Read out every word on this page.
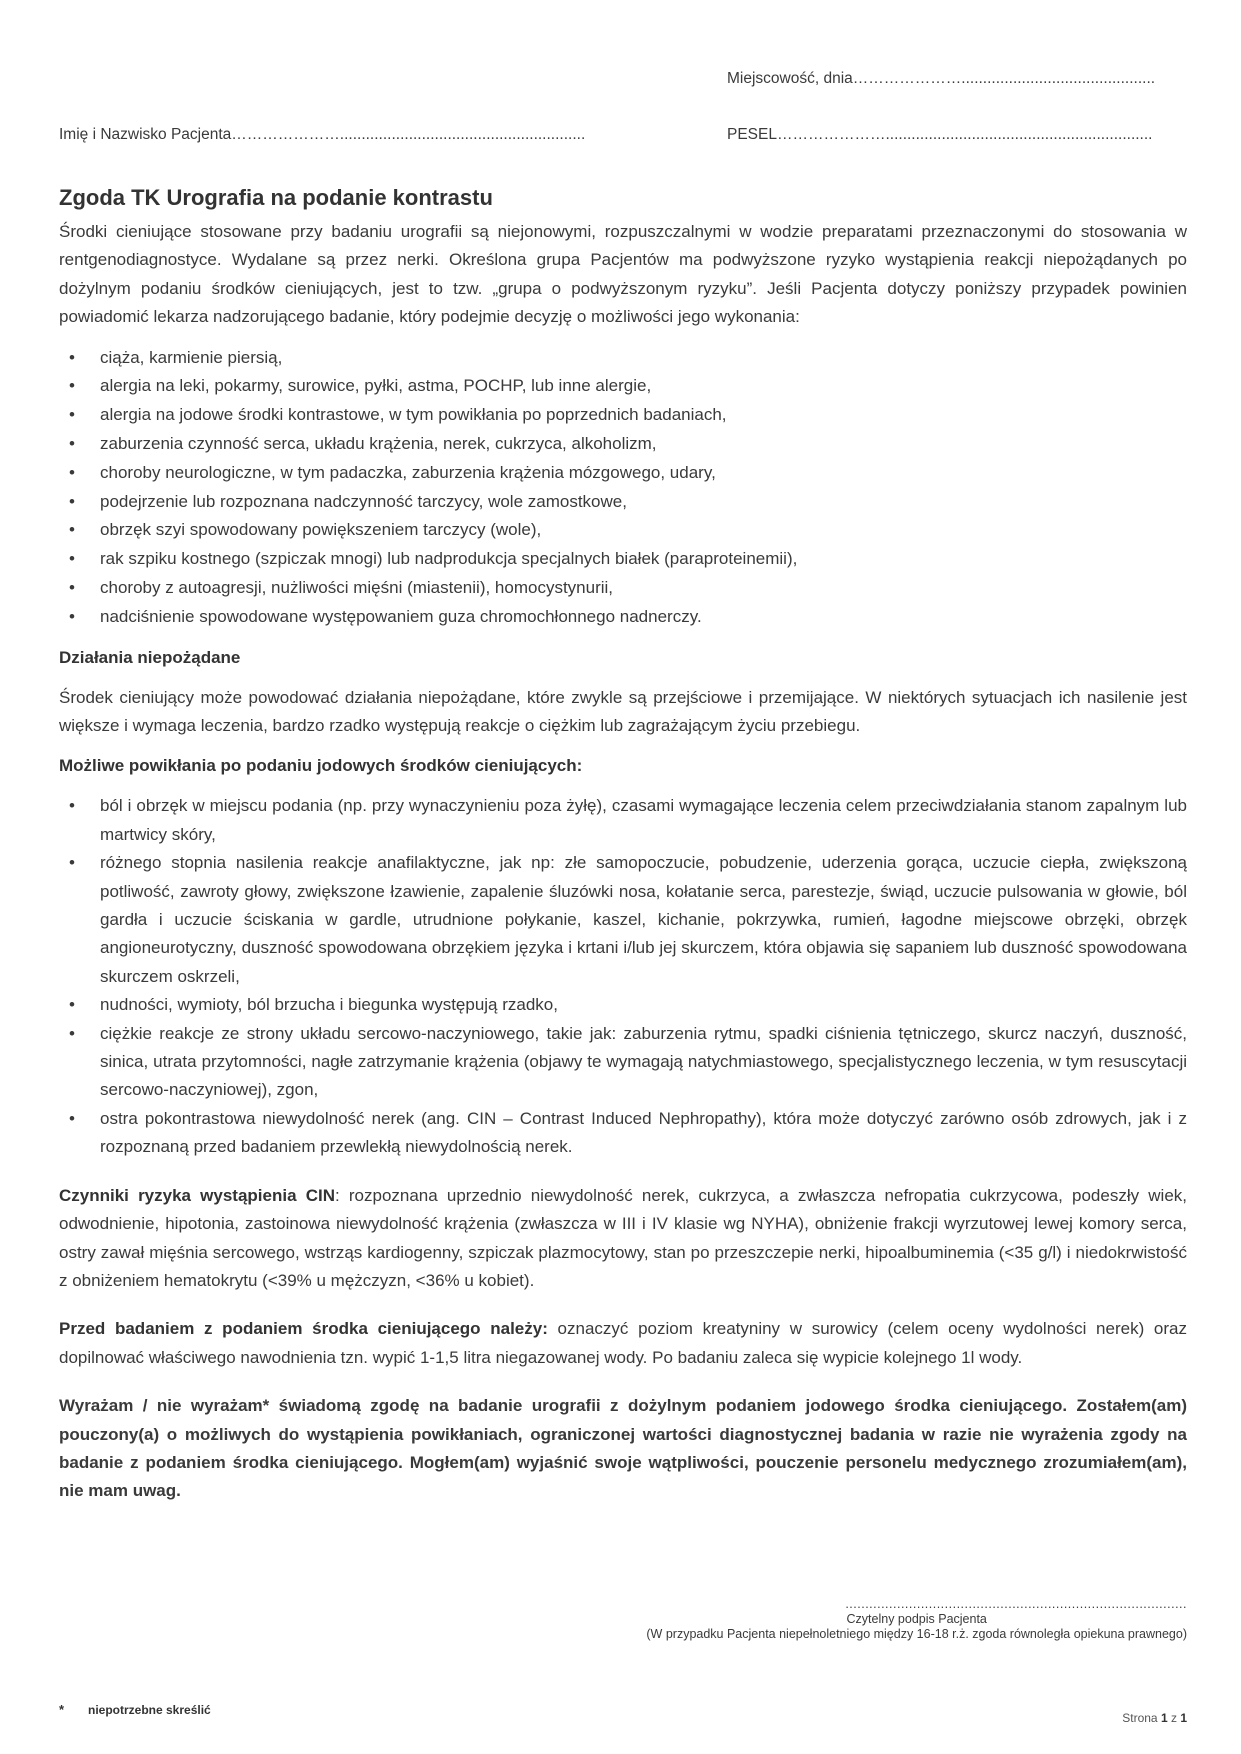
Miejscowość, dnia………………….............................................
Imię i Nazwisko Pacjenta………………….........................................................	PESEL…………………..............................................................
Zgoda TK Urografia na podanie kontrastu

Środki cieniujące stosowane przy badaniu urografii są niejonowymi, rozpuszczalnymi w wodzie preparatami przeznaczonymi do stosowania w rentgenodiagnostyce. Wydalane są przez nerki. Określona grupa Pacjentów ma podwyższone ryzyko wystąpienia reakcji niepożądanych po dożylnym podaniu środków cieniujących, jest to tzw. „grupa o podwyższonym ryzyku”. Jeśli Pacjenta dotyczy poniższy przypadek powinien powiadomić lekarza nadzorującego badanie, który podejmie decyzję o możliwości jego wykonania:

• ciąża, karmienie piersią,
• alergia na leki, pokarmy, surowice, pyłki, astma, POCHP, lub inne alergie,
• alergia na jodowe środki kontrastowe, w tym powikłania po poprzednich badaniach,
• zaburzenia czynność serca, układu krążenia, nerek, cukrzyca, alkoholizm,
• choroby neurologiczne, w tym padaczka, zaburzenia krążenia mózgowego, udary,
• podejrzenie lub rozpoznana nadczynność tarczycy, wole zamostkowe,
• obrzęk szyi spowodowany powiększeniem tarczycy (wole),
• rak szpiku kostnego (szpiczak mnogi) lub nadprodukcja specjalnych białek (paraproteinemii),
• choroby z autoagresji, nużliwości mięśni (miastenii), homocystynurii,
• nadciśnienie spowodowane występowaniem guza chromochłonnego nadnerczy.
Działania niepożądane

Środek cieniujący może powodować działania niepożądane, które zwykle są przejściowe i przemijające. W niektórych sytuacjach ich nasilenie jest większe i wymaga leczenia, bardzo rzadko występują reakcje o ciężkim lub zagrażającym życiu przebiegu.

Możliwe powikłania po podaniu jodowych środków cieniujących:
• ból i obrzęk w miejscu podania (np. przy wynaczynieniu poza żyłę), czasami wymagające leczenia celem przeciwdziałania stanom zapalnym lub martwicy skóry,
• różnego stopnia nasilenia reakcje anafilaktyczne, jak np: złe samopoczucie, pobudzenie, uderzenia gorąca, uczucie ciepła, zwiększoną potliwość, zawroty głowy, zwiększone łzawienie, zapalenie śluzówki nosa, kołatanie serca, parestezje, świąd, uczucie pulsowania w głowie, ból gardła i uczucie ściskania w gardle, utrudnione połykanie, kaszel, kichanie, pokrzywka, rumień, łagodne miejscowe obrzęki, obrzęk angioneurotyczny, duszność spowodowana obrzękiem języka i krtani i/lub jej skurczem, która objawia się sapaniem lub duszność spowodowana skurczem oskrzeli,
• nudności, wymioty, ból brzucha i biegunka występują rzadko,
• ciężkie reakcje ze strony układu sercowo-naczyniowego, takie jak: zaburzenia rytmu, spadki ciśnienia tętniczego, skurcz naczyń, duszność, sinica, utrata przytomności, nagłe zatrzymanie krążenia (objawy te wymagają natychmiastowego, specjalistycznego leczenia, w tym resuscytacji sercowo-naczyniowej), zgon,
• ostra pokontrastowa niewydolność nerek (ang. CIN – Contrast Induced Nephropathy), która może dotyczyć zarówno osób zdrowych, jak i z rozpoznaną przed badaniem przewlekłą niewydolnością nerek.

Czynniki ryzyka wystąpienia CIN: rozpoznana uprzednio niewydolność nerek, cukrzyca, a zwłaszcza nefropatia cukrzycowa, podeszły wiek, odwodnienie, hipotonia, zastoinowa niewydolność krążenia (zwłaszcza w III i IV klasie wg NYHA), obniżenie frakcji wyrzutowej lewej komory serca, ostry zawał mięśnia sercowego, wstrząs kardiogenny, szpiczak plazmocytowy, stan po przeszczepie nerki, hipoalbuminemia (<35 g/l) i niedokrwistość z obniżeniem hematokrytu (<39% u mężczyzn, <36% u kobiet).

Przed badaniem z podaniem środka cieniującego należy: oznaczyć poziom kreatyniny w surowicy (celem oceny wydolności nerek) oraz dopilnować właściwego nawodnienia tzn. wypić 1-1,5 litra niegazowanej wody. Po badaniu zaleca się wypicie kolejnego 1l wody.

Wyrażam / nie wyrażam* świadomą zgodę na badanie urografii z dożylnym podaniem jodowego środka cieniującego. Zostałem(am) pouczony(a) o możliwych do wystąpienia powikłaniach, ograniczonej wartości diagnostycznej badania w razie nie wyrażenia zgody na badanie z podaniem środka cieniującego. Mogłem(am) wyjaśnić swoje wątpliwości, pouczenie personelu medycznego zrozumiałem(am), nie mam uwag.

......................................................................................
Czytelny podpis Pacjenta
(W przypadku Pacjenta niepełnoletniego między 16-18 r.ż. zgoda równoległa opiekuna prawnego)
* niepotrzebne skreślić
Strona 1 z 1
